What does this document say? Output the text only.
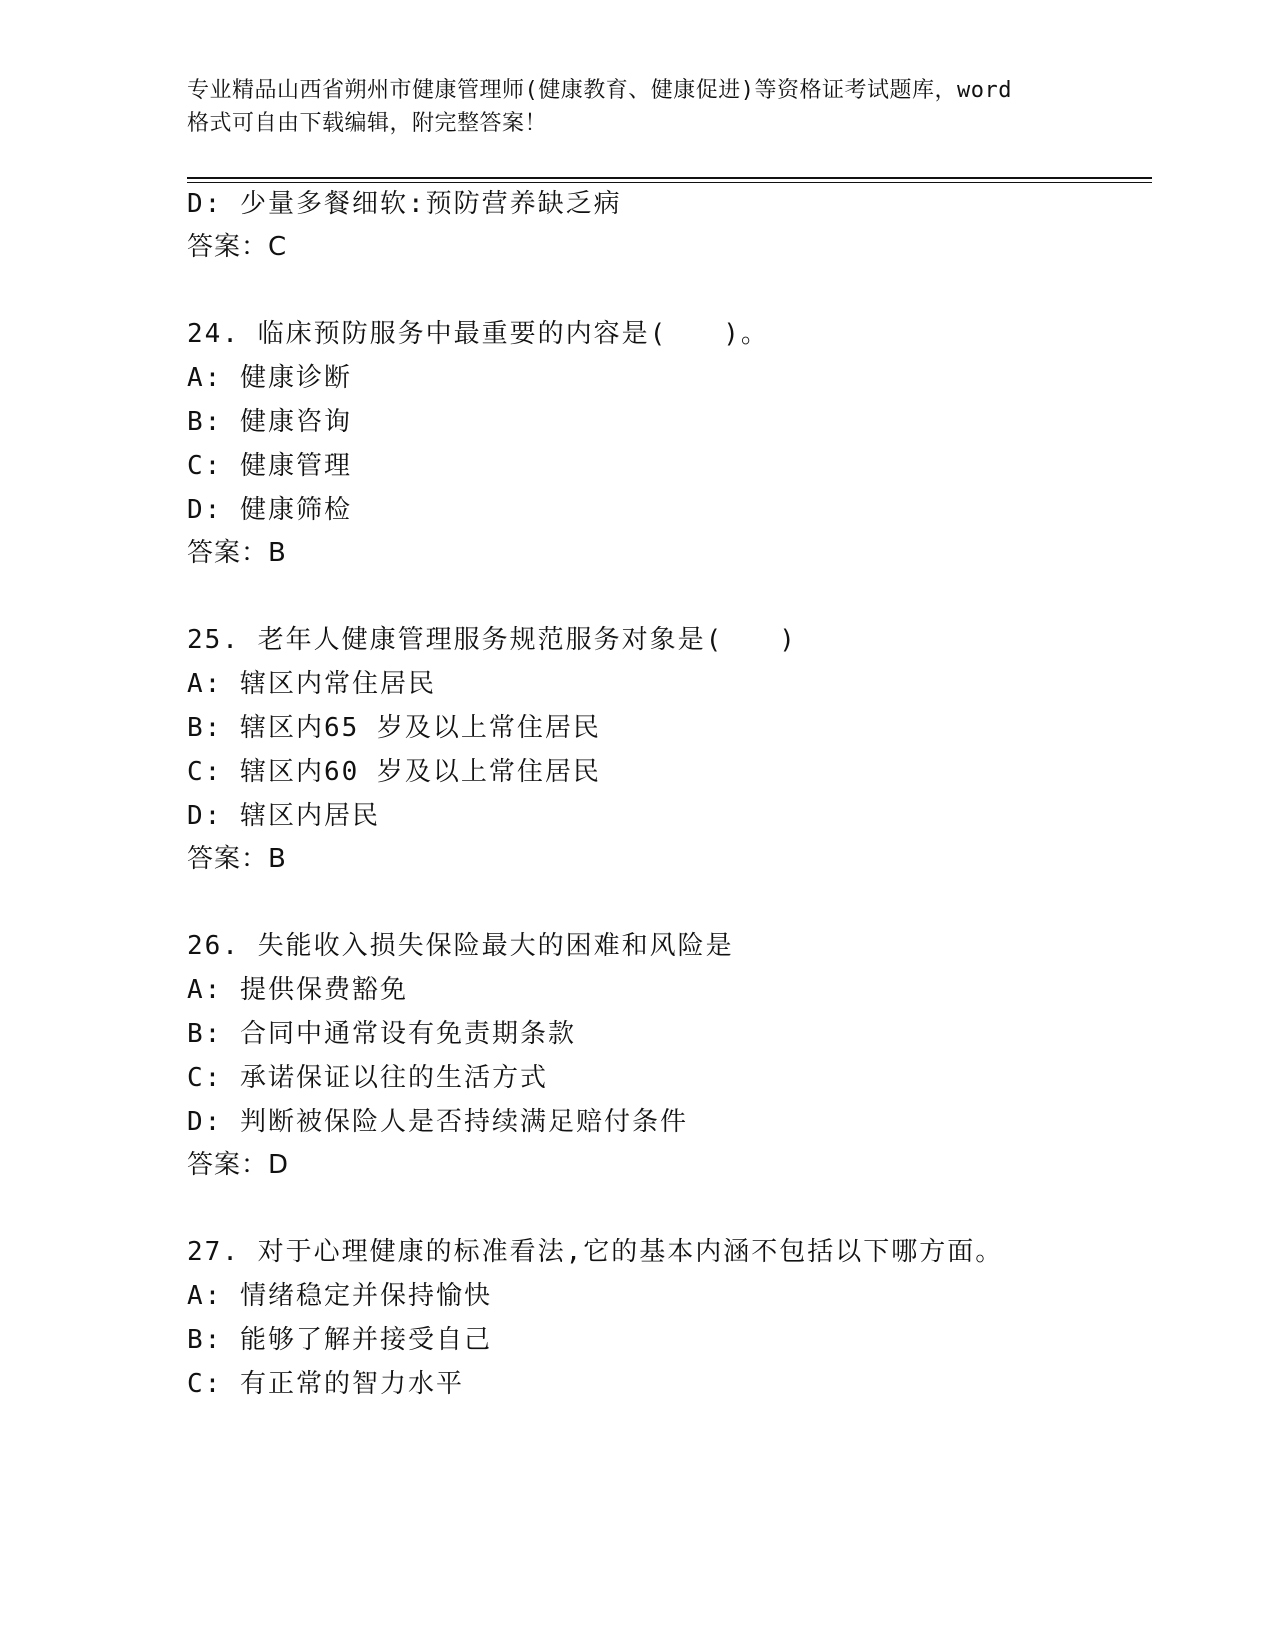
专业精品山西省朔州市健康管理师(健康教育、健康促进)等资格证考试题库，word
格式可自由下载编辑，附完整答案！
D: 少量多餐细软:预防营养缺乏病
答案：C
24. 临床预防服务中最重要的内容是(　　)。
A: 健康诊断
B: 健康咨询
C: 健康管理
D: 健康筛检
答案：B
25. 老年人健康管理服务规范服务对象是(　　)
A: 辖区内常住居民
B: 辖区内65 岁及以上常住居民
C: 辖区内60 岁及以上常住居民
D: 辖区内居民
答案：B
26. 失能收入损失保险最大的困难和风险是
A: 提供保费豁免
B: 合同中通常设有免责期条款
C: 承诺保证以往的生活方式
D: 判断被保险人是否持续满足赔付条件
答案：D
27. 对于心理健康的标准看法,它的基本内涵不包括以下哪方面。
A: 情绪稳定并保持愉快
B: 能够了解并接受自己
C: 有正常的智力水平
